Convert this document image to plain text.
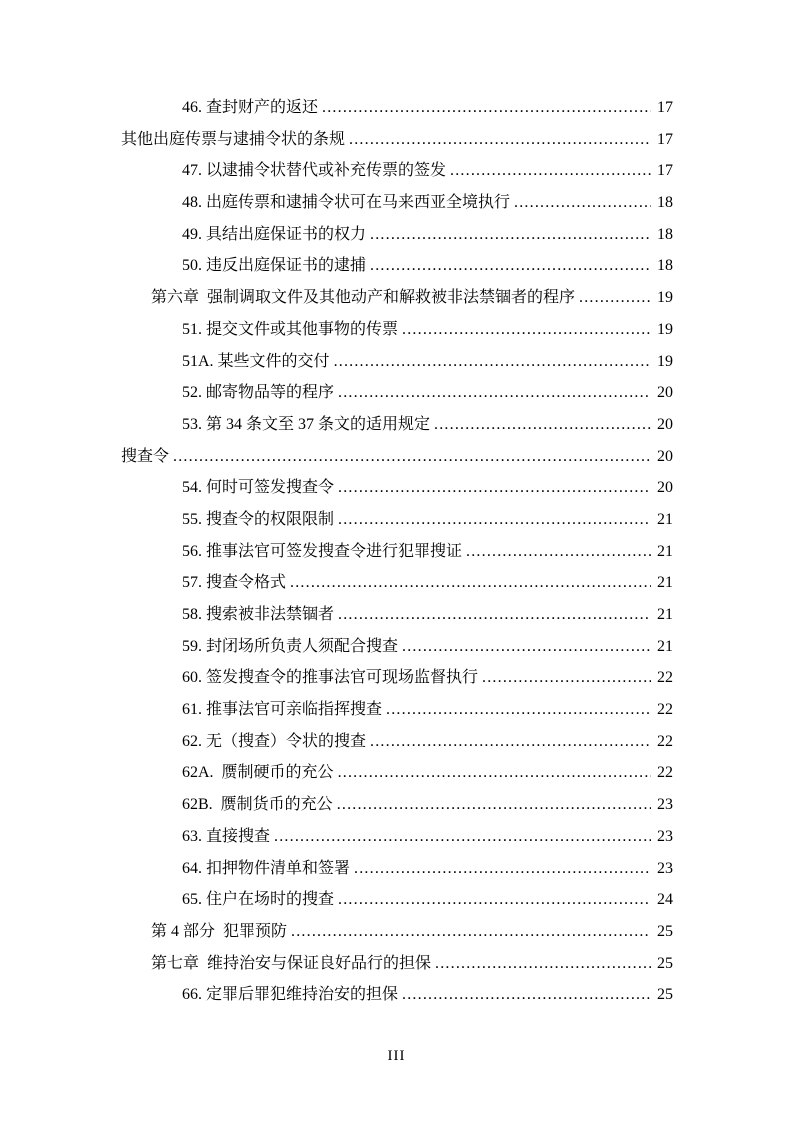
46. 查封财产的返还 .....	17
其他出庭传票与逮捕令状的条规 .....	17
47. 以逮捕令状替代或补充传票的签发 .....	17
48. 出庭传票和逮捕令状可在马来西亚全境执行 .....	18
49. 具结出庭保证书的权力 .....	18
50. 违反出庭保证书的逮捕 .....	18
第六章  强制调取文件及其他动产和解救被非法禁锢者的程序 .....	19
51. 提交文件或其他事物的传票 .....	19
51A. 某些文件的交付 .....	19
52. 邮寄物品等的程序 .....	20
53. 第 34 条文至 37 条文的适用规定 .....	20
搜查令 .....	20
54. 何时可签发搜查令 .....	20
55. 搜查令的权限限制 .....	21
56. 推事法官可签发搜查令进行犯罪搜证 .....	21
57. 搜查令格式 .....	21
58. 搜索被非法禁锢者 .....	21
59. 封闭场所负责人须配合搜查 .....	21
60. 签发搜查令的推事法官可现场监督执行 .....	22
61. 推事法官可亲临指挥搜查 .....	22
62. 无（搜查）令状的搜查 .....	22
62A.  赝制硬币的充公 .....	22
62B.  赝制货币的充公 .....	23
63. 直接搜查 .....	23
64. 扣押物件清单和签署 .....	23
65. 住户在场时的搜查 .....	24
第 4 部分  犯罪预防 .....	25
第七章  维持治安与保证良好品行的担保 .....	25
66. 定罪后罪犯维持治安的担保 .....	25
III
